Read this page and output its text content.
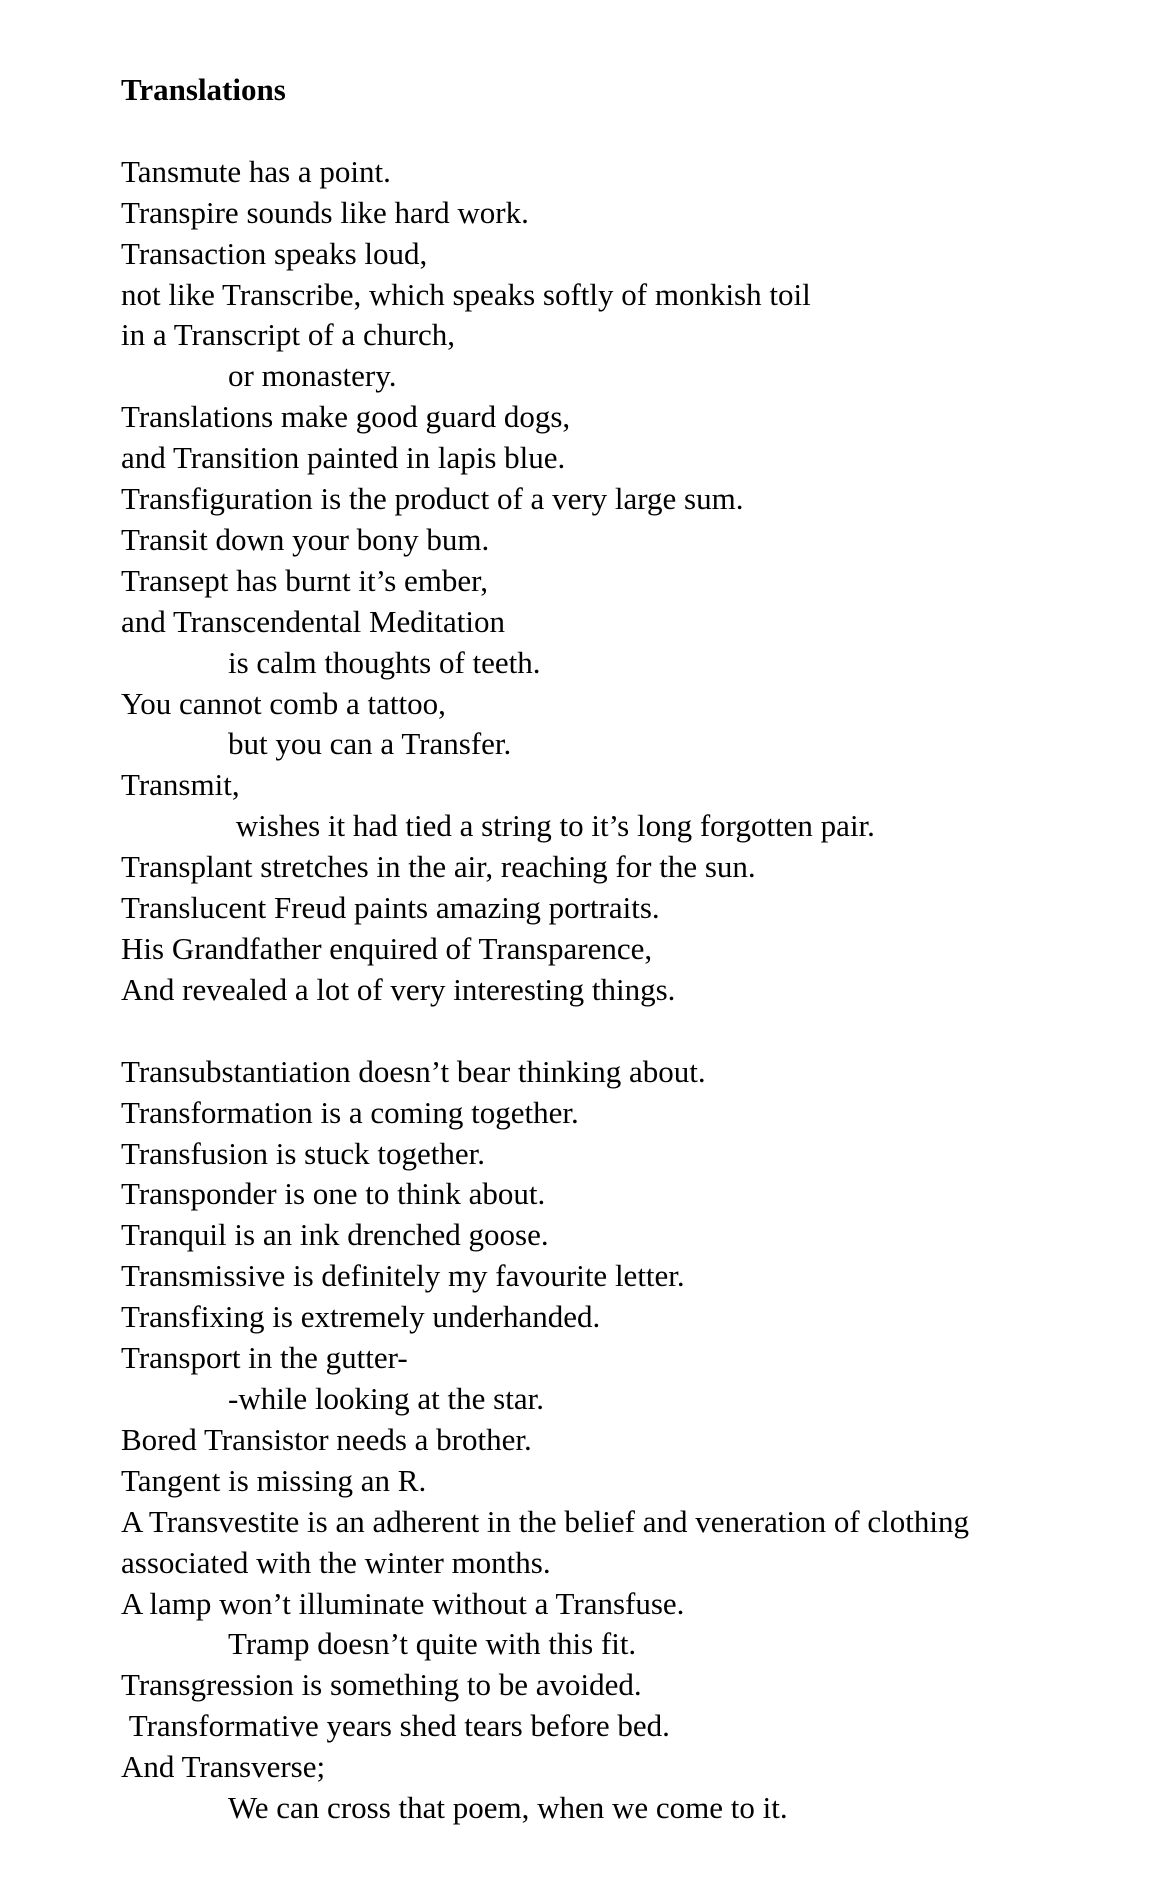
Translations
Tansmute has a point.
Transpire sounds like hard work.
Transaction speaks loud,
not like Transcribe, which speaks softly of monkish toil
in a Transcript of a church,
or monastery.
Translations make good guard dogs,
and Transition painted in lapis blue.
Transfiguration is the product of a very large sum.
Transit down your bony bum.
Transept has burnt it’s ember,
and Transcendental Meditation
is calm thoughts of teeth.
You cannot comb a tattoo,
but you can a Transfer.
Transmit,
wishes it had tied a string to it’s long forgotten pair.
Transplant stretches in the air, reaching for the sun.
Translucent Freud paints amazing portraits.
His Grandfather enquired of Transparence,
And revealed a lot of very interesting things.

Transubstantiation doesn’t bear thinking about.
Transformation is a coming together.
Transfusion is stuck together.
Transponder is one to think about.
Tranquil is an ink drenched goose.
Transmissive is definitely my favourite letter.
Transfixing is extremely underhanded.
Transport in the gutter-
-while looking at the star.
Bored Transistor needs a brother.
Tangent is missing an R.
A Transvestite is an adherent in the belief and veneration of clothing
associated with the winter months.
A lamp won’t illuminate without a Transfuse.
Tramp doesn’t quite with this fit.
Transgression is something to be avoided.
Transformative years shed tears before bed.
And Transverse;
We can cross that poem, when we come to it.
